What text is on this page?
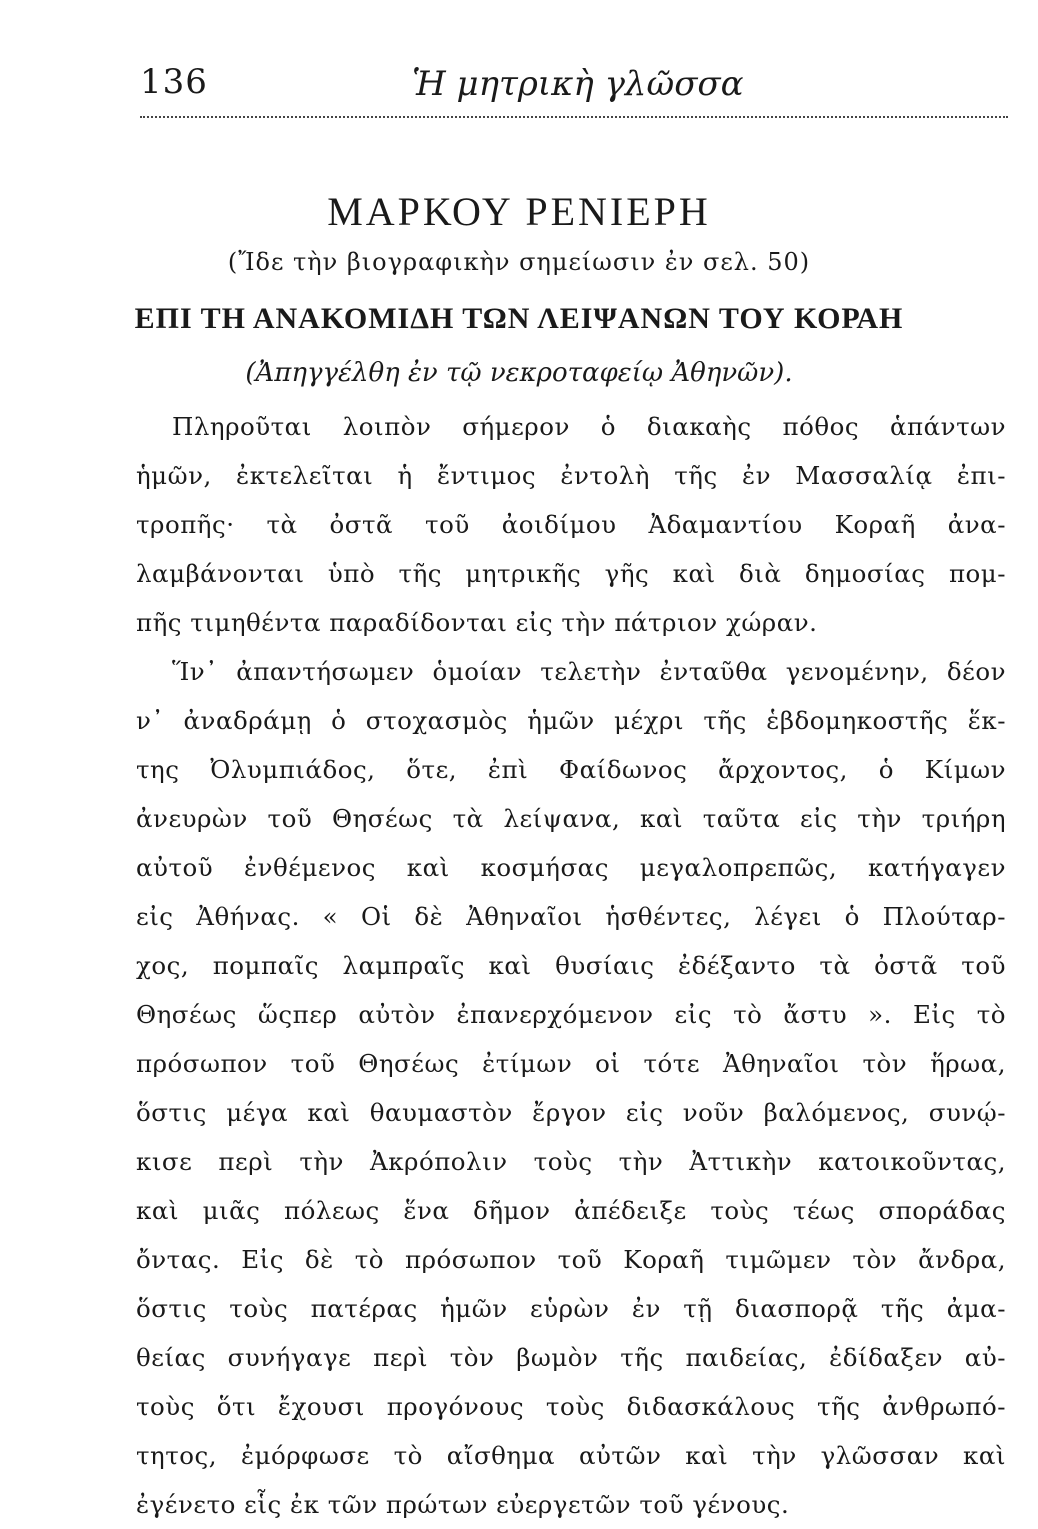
136	Ἡ μητρικὴ γλῶσσα
ΜΑΡΚΟΥ ΡΕΝΙΕΡΗ
(Ἴδε τὴν βιογραφικὴν σημείωσιν ἐν σελ. 50)
ΕΠΙ ΤΗ ΑΝΑΚΟΜΙΔΗ ΤΩΝ ΛΕΙΨΑΝΩΝ ΤΟΥ ΚΟΡΑΗ
(Ἀπηγγέλθη ἐν τῷ νεκροταφείῳ Ἀθηνῶν).
Πληροῦται λοιπὸν σήμερον ὁ διακαὴς πόθος ἁπάντων
ἡμῶν, ἐκτελεῖται ἡ ἔντιμος ἐντολὴ τῆς ἐν Μασσαλίᾳ ἐπι-
τροπῆς· τὰ ὀστᾶ τοῦ ἀοιδίμου Ἀδαμαντίου Κοραῆ ἀνα-
λαμβάνονται ὑπὸ τῆς μητρικῆς γῆς καὶ διὰ δημοσίας πομ-
πῆς τιμηθέντα παραδίδονται εἰς τὴν πάτριον χώραν.
Ἵν᾿ ἀπαντήσωμεν ὁμοίαν τελετὴν ἐνταῦθα γενομένην, δέον
ν᾿ ἀναδράμῃ ὁ στοχασμὸς ἡμῶν μέχρι τῆς ἑβδομηκοστῆς ἕκ-
της Ὀλυμπιάδος, ὅτε, ἐπὶ Φαίδωνος ἄρχοντος, ὁ Κίμων
ἀνευρὼν τοῦ Θησέως τὰ λείψανα, καὶ ταῦτα εἰς τὴν τριήρη
αὐτοῦ ἐνθέμενος καὶ κοσμήσας μεγαλοπρεπῶς, κατήγαγεν
εἰς Ἀθήνας. « Οἱ δὲ Ἀθηναῖοι ἡσθέντες, λέγει ὁ Πλούταρ-
χος, πομπαῖς λαμπραῖς καὶ θυσίαις ἐδέξαντο τὰ ὀστᾶ τοῦ
Θησέως ὥςπερ αὐτὸν ἐπανερχόμενον εἰς τὸ ἄστυ ». Εἰς τὸ
πρόσωπον τοῦ Θησέως ἐτίμων οἱ τότε Ἀθηναῖοι τὸν ἥρωα,
ὅστις μέγα καὶ θαυμαστὸν ἔργον εἰς νοῦν βαλόμενος, συνῴ-
κισε περὶ τὴν Ἀκρόπολιν τοὺς τὴν Ἀττικὴν κατοικοῦντας,
καὶ μιᾶς πόλεως ἕνα δῆμον ἀπέδειξε τοὺς τέως σποράδας
ὄντας. Εἰς δὲ τὸ πρόσωπον τοῦ Κοραῆ τιμῶμεν τὸν ἄνδρα,
ὅστις τοὺς πατέρας ἡμῶν εὑρὼν ἐν τῇ διασπορᾷ τῆς ἀμα-
θείας συνήγαγε περὶ τὸν βωμὸν τῆς παιδείας, ἐδίδαξεν αὐ-
τοὺς ὅτι ἔχουσι προγόνους τοὺς διδασκάλους τῆς ἀνθρωπό-
τητος, ἐμόρφωσε τὸ αἴσθημα αὐτῶν καὶ τὴν γλῶσσαν καὶ
ἐγένετο εἷς ἐκ τῶν πρώτων εὐεργετῶν τοῦ γένους.
